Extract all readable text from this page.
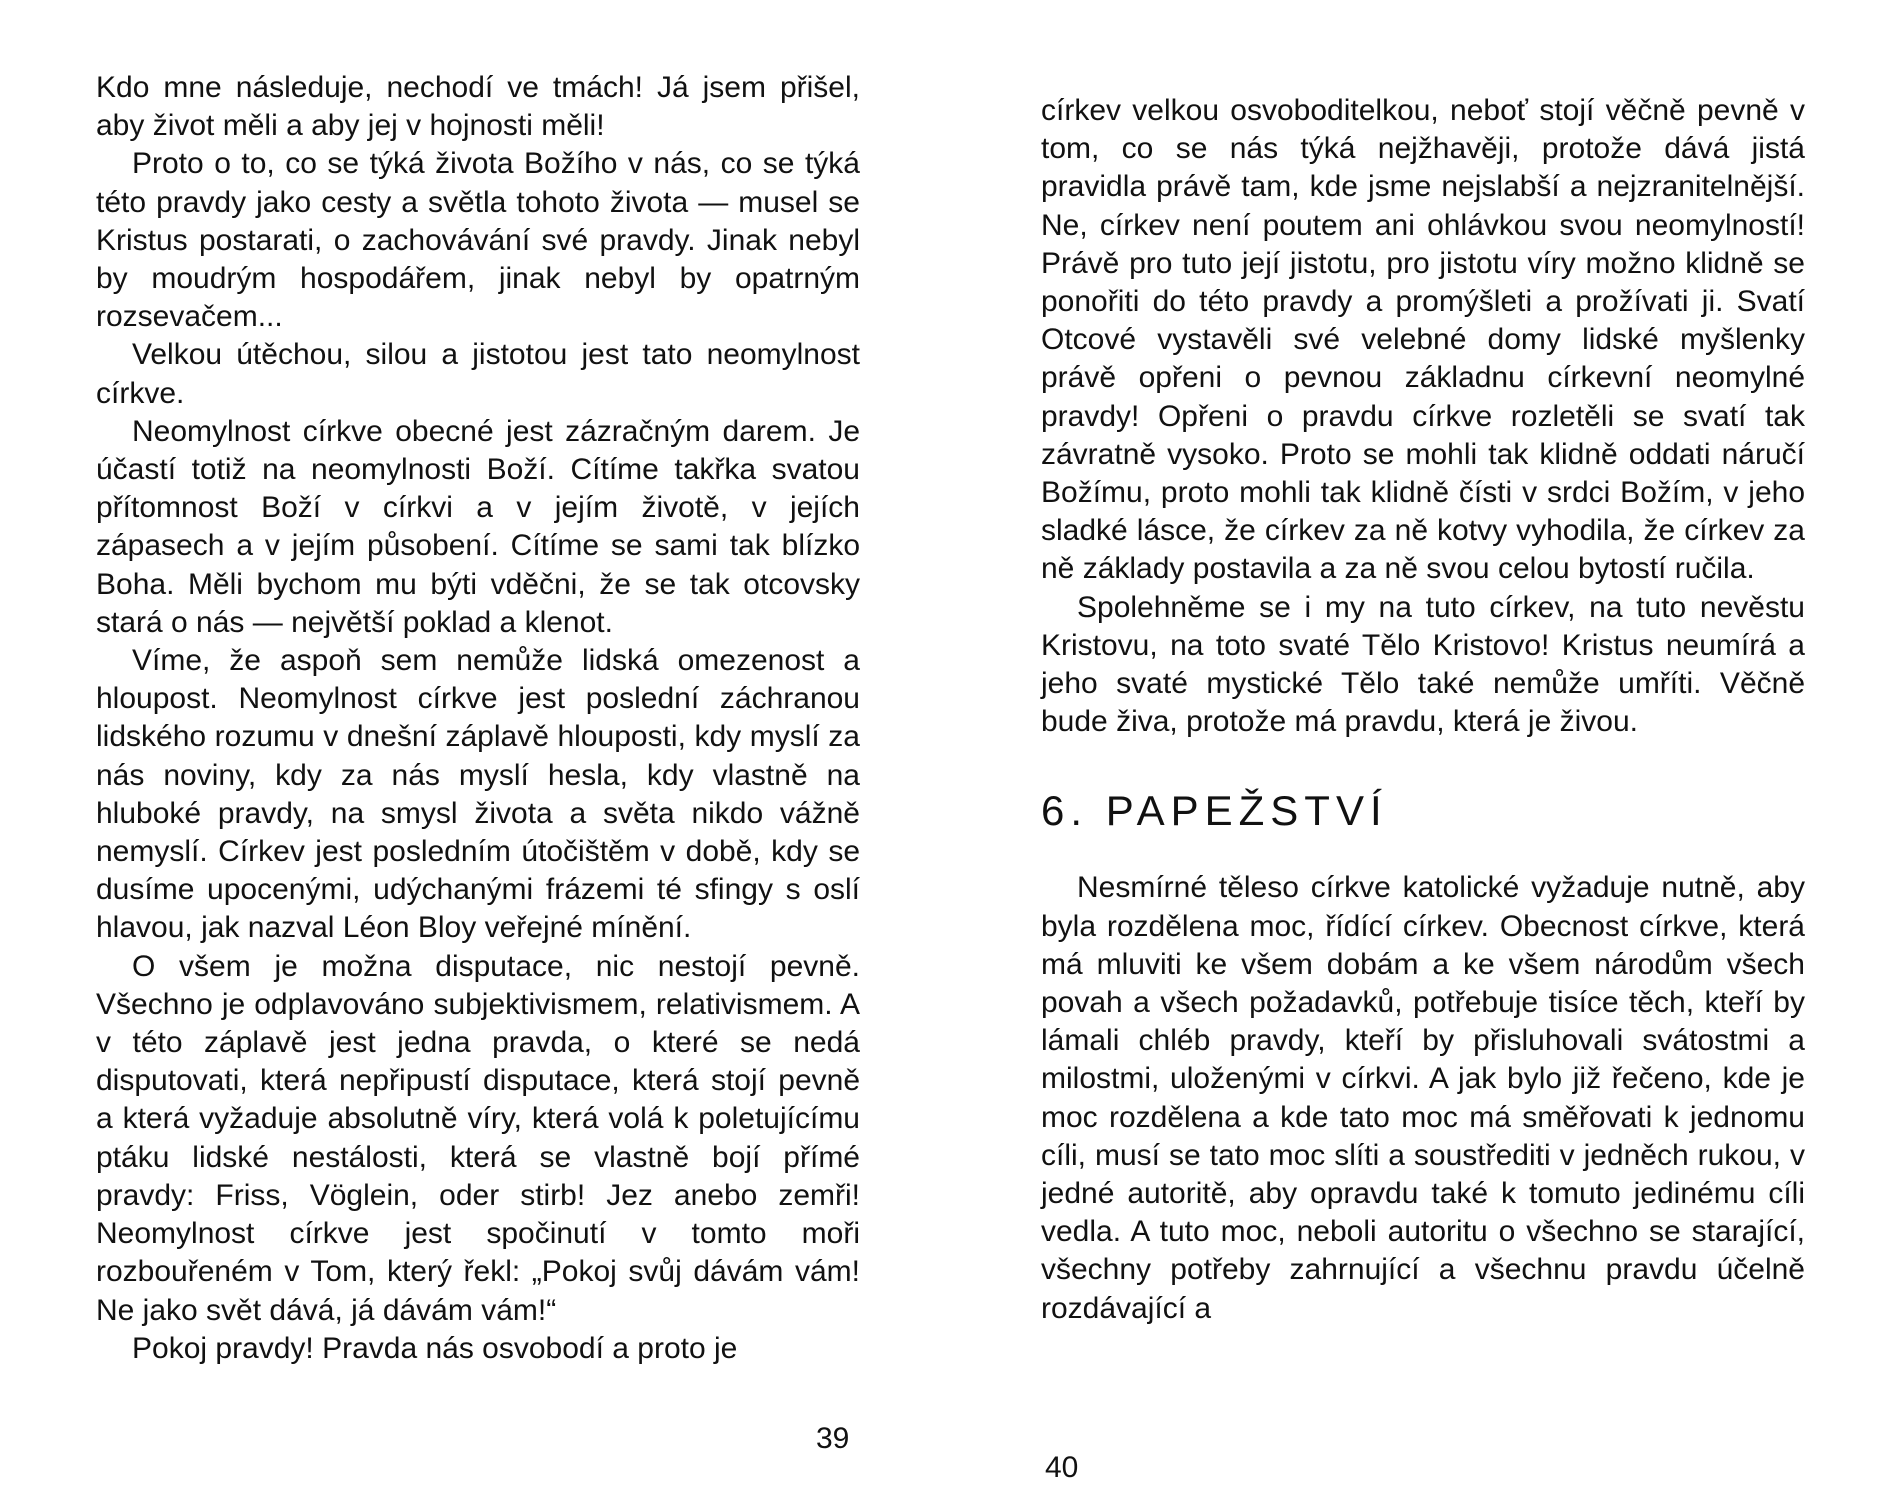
Kdo mne následuje, nechodí ve tmách! Já jsem přišel, aby život měli a aby jej v hojnosti měli!

Proto o to, co se týká života Božího v nás, co se týká této pravdy jako cesty a světla tohoto života — musel se Kristus postarati, o zachovávání své pravdy. Jinak nebyl by moudrým hospodářem, jinak nebyl by opatrným rozsevačem...

Velkou útěchou, silou a jistotou jest tato neomylnost církve.

Neomylnost církve obecné jest zázračným darem. Je účastí totiž na neomylnosti Boží. Cítíme takřka svatou přítomnost Boží v církvi a v jejím životě, v jejích zápasech a v jejím působení. Cítíme se sami tak blízko Boha. Měli bychom mu býti vděčni, že se tak otcovsky stará o nás — největší poklad a klenot.

Víme, že aspoň sem nemůže lidská omezenost a hloupost. Neomylnost církve jest poslední záchranou lidského rozumu v dnešní záplavě hlouposti, kdy myslí za nás noviny, kdy za nás myslí hesla, kdy vlastně na hluboké pravdy, na smysl života a světa nikdo vážně nemyslí. Církev jest posledním útočištěm v době, kdy se dusíme upocenými, udýchanými frázemi té sfingy s oslí hlavou, jak nazval Léon Bloy veřejné mínění.

O všem je možna disputace, nic nestojí pevně. Všechno je odplavováno subjektivismem, relativismem. A v této záplavě jest jedna pravda, o které se nedá disputovati, která nepřipustí disputace, která stojí pevně a která vyžaduje absolutně víry, která volá k poletujícímu ptáku lidské nestálosti, která se vlastně bojí přímé pravdy: Friss, Vöglein, oder stirb! Jez anebo zemři! Neomylnost církve jest spočinutí v tomto moři rozbouřeném v Tom, který řekl: „Pokoj svůj dávám vám! Ne jako svět dává, já dávám vám!“

Pokoj pravdy! Pravda nás osvobodí a proto je

39

církev velkou osvoboditelkou, neboť stojí věčně pevně v tom, co se nás týká nejžhavěji, protože dává jistá pravidla právě tam, kde jsme nejslabší a nejzranitelnější. Ne, církev není poutem ani ohlávkou svou neomylností! Právě pro tuto její jistotu, pro jistotu víry možno klidně se ponořiti do této pravdy a promýšleti a prožívati ji. Svatí Otcové vystavěli své velebné domy lidské myšlenky právě opřeni o pevnou základnu církevní neomylné pravdy! Opřeni o pravdu církve rozletěli se svatí tak závratně vysoko. Proto se mohli tak klidně oddati náručí Božímu, proto mohli tak klidně čísti v srdci Božím, v jeho sladké lásce, že církev za ně kotvy vyhodila, že církev za ně základy postavila a za ně svou celou bytostí ručila.

Spolehněme se i my na tuto církev, na tuto nevěstu Kristovu, na toto svaté Tělo Kristovo! Kristus neumírá a jeho svaté mystické Tělo také nemůže umříti. Věčně bude živa, protože má pravdu, která je živou.

6. PAPEŽSTVÍ

Nesmírné těleso církve katolické vyžaduje nutně, aby byla rozdělena moc, řídící církev. Obecnost církve, která má mluviti ke všem dobám a ke všem národům všech povah a všech požadavků, potřebuje tisíce těch, kteří by lámali chléb pravdy, kteří by přisluhovali svátostmi a milostmi, uloženými v církvi. A jak bylo již řečeno, kde je moc rozdělena a kde tato moc má směřovati k jednomu cíli, musí se tato moc slíti a soustřediti v jedněch rukou, v jedné autoritě, aby opravdu také k tomuto jedinému cíli vedla. A tuto moc, neboli autoritu o všechno se starající, všechny potřeby zahrnující a všechnu pravdu účelně rozdávající a

40
